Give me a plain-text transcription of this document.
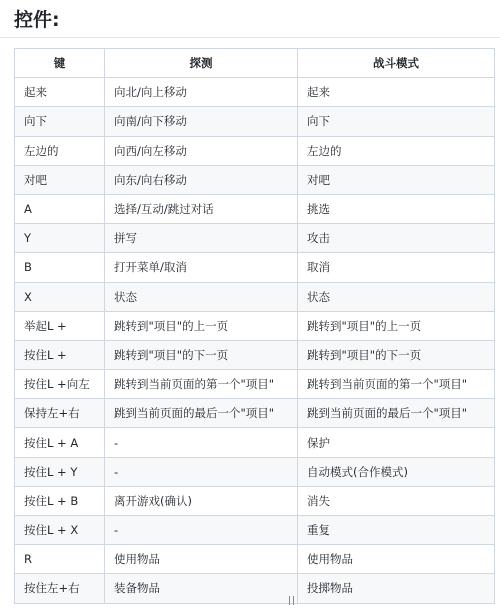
控件:
键	探测	战斗模式
起来	向北/向上移动	起来
向下	向南/向下移动	向下
左边的	向西/向左移动	左边的
对吧	向东/向右移动	对吧
A	选择/互动/跳过对话	挑选
Y	拼写	攻击
B	打开菜单/取消	取消
X	状态	状态
举起L +	跳转到"项目"的上一页	跳转到"项目"的上一页
按住L +	跳转到"项目"的下一页	跳转到"项目"的下一页
按住L +向左	跳转到当前页面的第一个"项目"	跳转到当前页面的第一个"项目"
保持左+右	跳到当前页面的最后一个"项目"	跳到当前页面的最后一个"项目"
按住L + A	-	保护
按住L + Y	-	自动模式(合作模式)
按住L + B	离开游戏(确认)	消失
按住L + X	-	重复
R	使用物品	使用物品
按住左+右	装备物品	投掷物品
